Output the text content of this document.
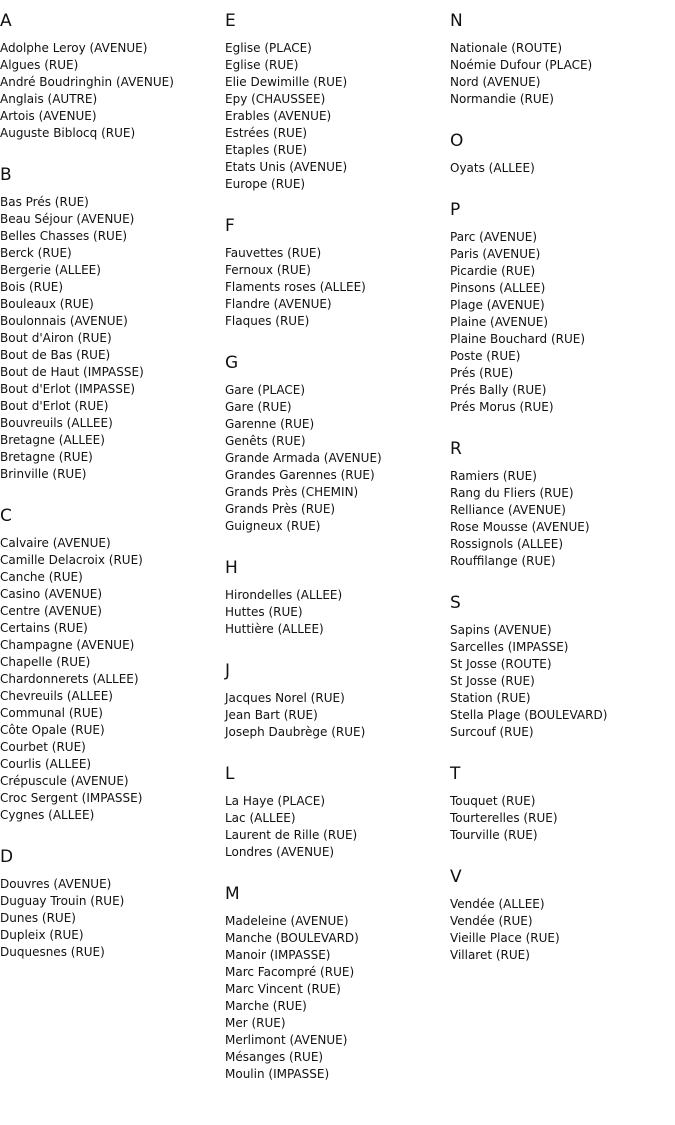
A
Adolphe Leroy (AVENUE)
Algues (RUE)
André Boudringhin (AVENUE)
Anglais (AUTRE)
Artois (AVENUE)
Auguste Biblocq (RUE)
B
Bas Prés (RUE)
Beau Séjour (AVENUE)
Belles Chasses (RUE)
Berck (RUE)
Bergerie (ALLEE)
Bois (RUE)
Bouleaux (RUE)
Boulonnais (AVENUE)
Bout d'Airon (RUE)
Bout de Bas (RUE)
Bout de Haut (IMPASSE)
Bout d'Erlot (IMPASSE)
Bout d'Erlot (RUE)
Bouvreuils (ALLEE)
Bretagne (ALLEE)
Bretagne (RUE)
Brinville (RUE)
C
Calvaire (AVENUE)
Camille Delacroix (RUE)
Canche (RUE)
Casino (AVENUE)
Centre (AVENUE)
Certains (RUE)
Champagne (AVENUE)
Chapelle (RUE)
Chardonnerets (ALLEE)
Chevreuils (ALLEE)
Communal (RUE)
Côte Opale (RUE)
Courbet (RUE)
Courlis (ALLEE)
Crépuscule (AVENUE)
Croc Sergent (IMPASSE)
Cygnes (ALLEE)
D
Douvres (AVENUE)
Duguay Trouin (RUE)
Dunes (RUE)
Dupleix (RUE)
Duquesnes (RUE)
E
Eglise (PLACE)
Eglise (RUE)
Elie Dewimille (RUE)
Epy (CHAUSSEE)
Erables (AVENUE)
Estrées (RUE)
Etaples (RUE)
Etats Unis (AVENUE)
Europe (RUE)
F
Fauvettes (RUE)
Fernoux (RUE)
Flaments roses (ALLEE)
Flandre (AVENUE)
Flaques (RUE)
G
Gare (PLACE)
Gare (RUE)
Garenne (RUE)
Genêts (RUE)
Grande Armada (AVENUE)
Grandes Garennes (RUE)
Grands Près (CHEMIN)
Grands Près (RUE)
Guigneux (RUE)
H
Hirondelles (ALLEE)
Huttes (RUE)
Huttière (ALLEE)
J
Jacques Norel (RUE)
Jean Bart (RUE)
Joseph Daubrège (RUE)
L
La Haye (PLACE)
Lac (ALLEE)
Laurent de Rille (RUE)
Londres (AVENUE)
M
Madeleine (AVENUE)
Manche (BOULEVARD)
Manoir (IMPASSE)
Marc Facompré (RUE)
Marc Vincent (RUE)
Marche (RUE)
Mer (RUE)
Merlimont (AVENUE)
Mésanges (RUE)
Moulin (IMPASSE)
N
Nationale (ROUTE)
Noémie Dufour (PLACE)
Nord (AVENUE)
Normandie (RUE)
O
Oyats (ALLEE)
P
Parc (AVENUE)
Paris (AVENUE)
Picardie (RUE)
Pinsons (ALLEE)
Plage (AVENUE)
Plaine (AVENUE)
Plaine Bouchard (RUE)
Poste (RUE)
Prés (RUE)
Prés Bally (RUE)
Prés Morus (RUE)
R
Ramiers (RUE)
Rang du Fliers (RUE)
Relliance (AVENUE)
Rose Mousse (AVENUE)
Rossignols (ALLEE)
Rouffilange (RUE)
S
Sapins (AVENUE)
Sarcelles (IMPASSE)
St Josse (ROUTE)
St Josse (RUE)
Station (RUE)
Stella Plage (BOULEVARD)
Surcouf (RUE)
T
Touquet (RUE)
Tourterelles (RUE)
Tourville (RUE)
V
Vendée (ALLEE)
Vendée (RUE)
Vieille Place (RUE)
Villaret (RUE)
